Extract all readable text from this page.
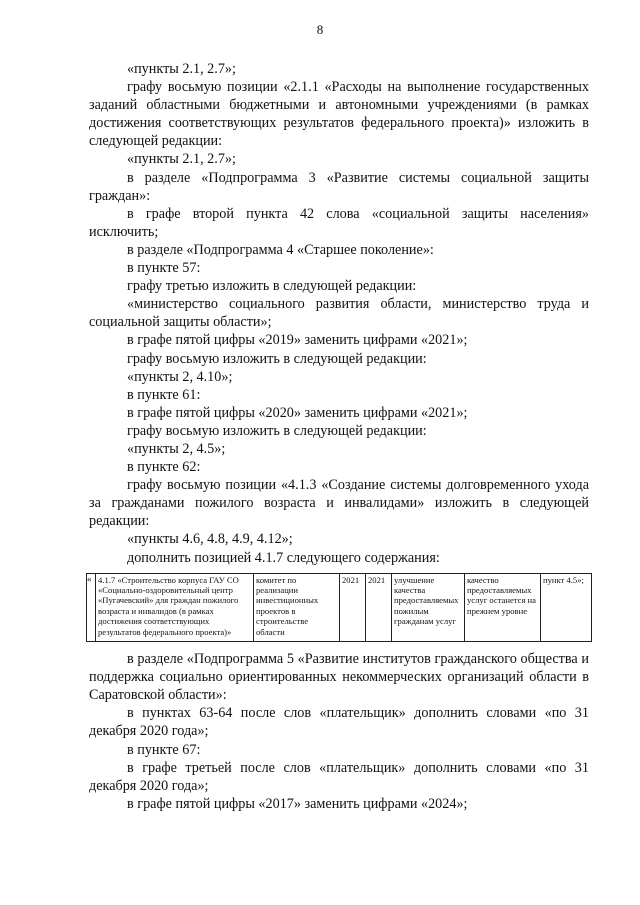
8

«пункты 2.1, 2.7»;

графу восьмую позиции «2.1.1 «Расходы на выполнение государственных заданий областными бюджетными и автономными учреждениями (в рамках достижения соответствующих результатов федерального проекта)» изложить в следующей редакции:

«пункты 2.1, 2.7»;

в разделе «Подпрограмма 3 «Развитие системы социальной защиты граждан»:

в графе второй пункта 42 слова «социальной защиты населения» исключить;

в разделе «Подпрограмма 4 «Старшее поколение»:

в пункте 57:

графу третью изложить в следующей редакции:

«министерство социального развития области, министерство труда и социальной защиты области»;

в графе пятой цифры «2019» заменить цифрами «2021»;

графу восьмую изложить в следующей редакции:

«пункты 2, 4.10»;

в пункте 61:

в графе пятой цифры «2020» заменить цифрами «2021»;

графу восьмую изложить в следующей редакции:

«пункты 2, 4.5»;

в пункте 62:

графу восьмую позиции «4.1.3 «Создание системы долговременного ухода за гражданами пожилого возраста и инвалидами» изложить в следующей редакции:

«пункты 4.6, 4.8, 4.9, 4.12»;

дополнить позицией 4.1.7 следующего содержания:

«	4.1.7 «Строительство корпуса ГАУ СО «Социально-оздоровительный центр «Пугачевский» для граждан пожилого возраста и инвалидов (в рамках достижения соответствующих результатов федерального проекта)»	комитет по реализации инвестиционных проектов в строительстве области	2021	2021	улучшение качества предоставляемых пожилым гражданам услуг	качество предоставляемых услуг останется на прежнем уровне	пункт 4.5»;

в разделе «Подпрограмма 5 «Развитие институтов гражданского общества и поддержка социально ориентированных некоммерческих организаций области в Саратовской области»:

в пунктах 63-64 после слов «плательщик» дополнить словами «по 31 декабря 2020 года»;

в пункте 67:

в графе третьей после слов «плательщик» дополнить словами «по 31 декабря 2020 года»;

в графе пятой цифры «2017» заменить цифрами «2024»;
